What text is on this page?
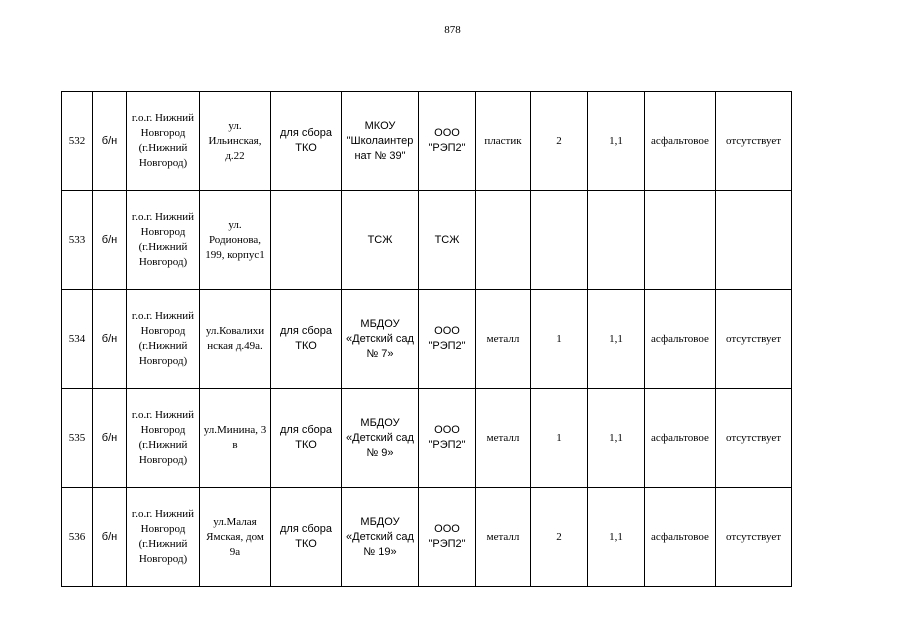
878
532	б/н	г.о.г. Нижний Новгород (г.Нижний Новгород)	ул. Ильинская, д.22	для сбора ТКО	МКОУ "Школаинтер нат № 39"	ООО "РЭП2"	пластик	2	1,1	асфальтовое	отсутствует
533	б/н	г.о.г. Нижний Новгород (г.Нижний Новгород)	ул. Родионова, 199, корпус1		ТСЖ	ТСЖ					
534	б/н	г.о.г. Нижний Новгород (г.Нижний Новгород)	ул.Ковалихи нская д.49а.	для сбора ТКО	МБДОУ «Детский сад № 7»	ООО "РЭП2"	металл	1	1,1	асфальтовое	отсутствует
535	б/н	г.о.г. Нижний Новгород (г.Нижний Новгород)	ул.Минина, 3 в	для сбора ТКО	МБДОУ «Детский сад № 9»	ООО "РЭП2"	металл	1	1,1	асфальтовое	отсутствует
536	б/н	г.о.г. Нижний Новгород (г.Нижний Новгород)	ул.Малая Ямская, дом 9а	для сбора ТКО	МБДОУ «Детский сад № 19»	ООО "РЭП2"	металл	2	1,1	асфальтовое	отсутствует
